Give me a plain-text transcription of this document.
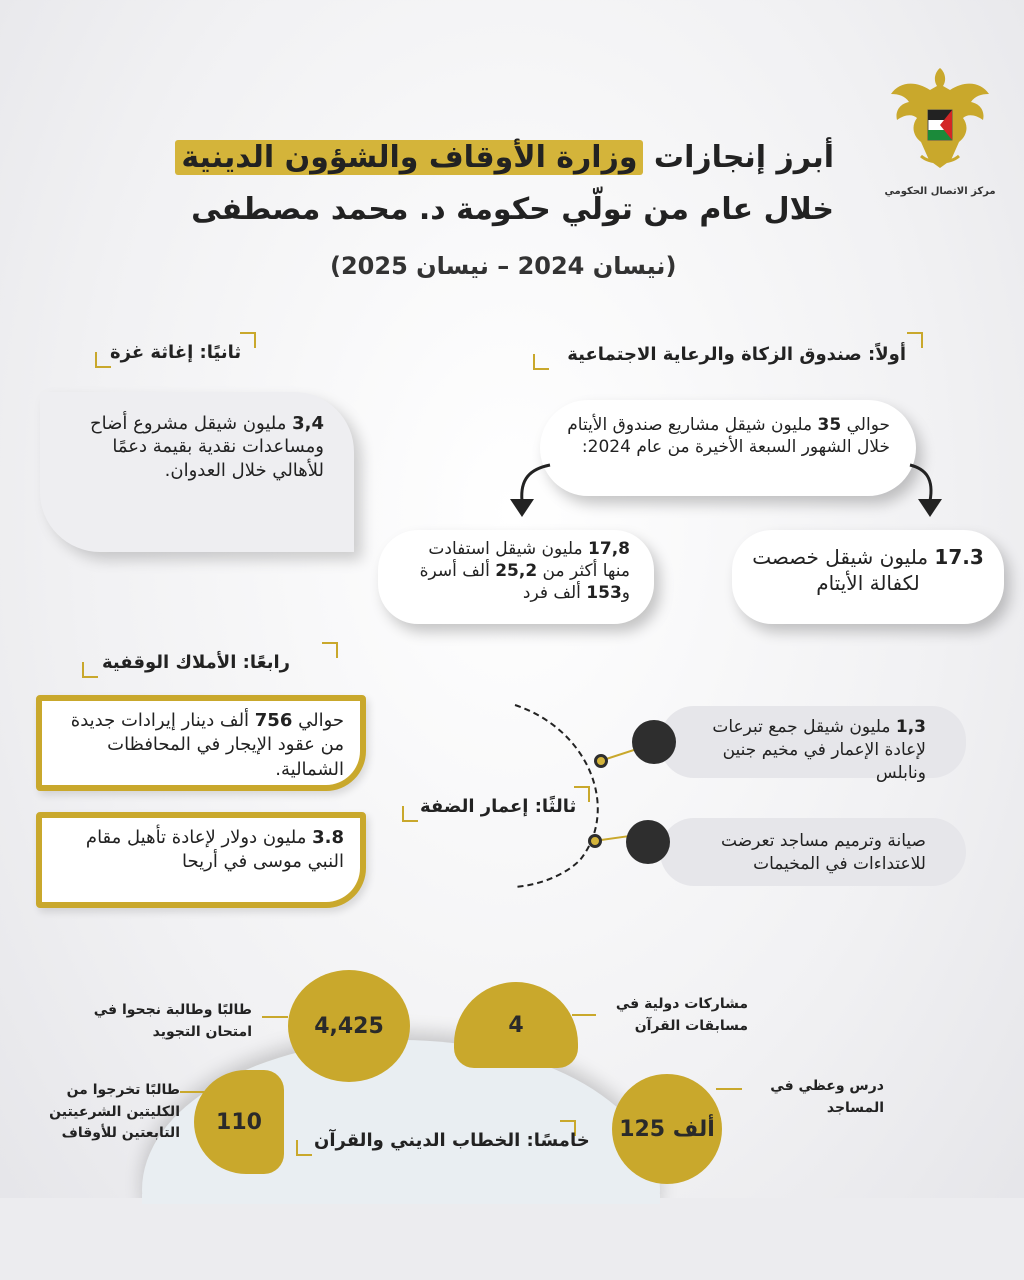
مركز الاتصال الحكومي
أبرز إنجازات وزارة الأوقاف والشؤون الدينية
خلال عام من تولّي حكومة د. محمد مصطفى
(نيسان 2024 – نيسان 2025)
أولاً: صندوق الزكاة والرعاية الاجتماعية
حوالي 35 مليون شيقل مشاريع صندوق الأيتام خلال الشهور السبعة الأخيرة من عام 2024:
17.3 مليون شيقل خصصت لكفالة الأيتام
17,8 مليون شيقل استفادت منها أكثر من 25,2 ألف أسرة و153 ألف فرد
ثانيًا: إغاثة غزة
3,4 مليون شيقل مشروع أضاح ومساعدات نقدية بقيمة دعمًا للأهالي خلال العدوان.
رابعًا: الأملاك الوقفية
حوالي 756 ألف دينار إيرادات جديدة من عقود الإيجار في المحافظات الشمالية.
3.8 مليون دولار لإعادة تأهيل مقام النبي موسى في أريحا
1,3 مليون شيقل جمع تبرعات لإعادة الإعمار في مخيم جنين ونابلس
صيانة وترميم مساجد تعرضت للاعتداءات في المخيمات
ثالثًا: إعمار الضفة
4,425	4
110	125 ألف
طالبًا وطالبة نجحوا في امتحان التجويد
مشاركات دولية في مسابقات القرآن
طالبًا تخرجوا من الكليتين الشرعيتين التابعتين للأوقاف
درس وعظي في المساجد
خامسًا: الخطاب الديني والقرآن
